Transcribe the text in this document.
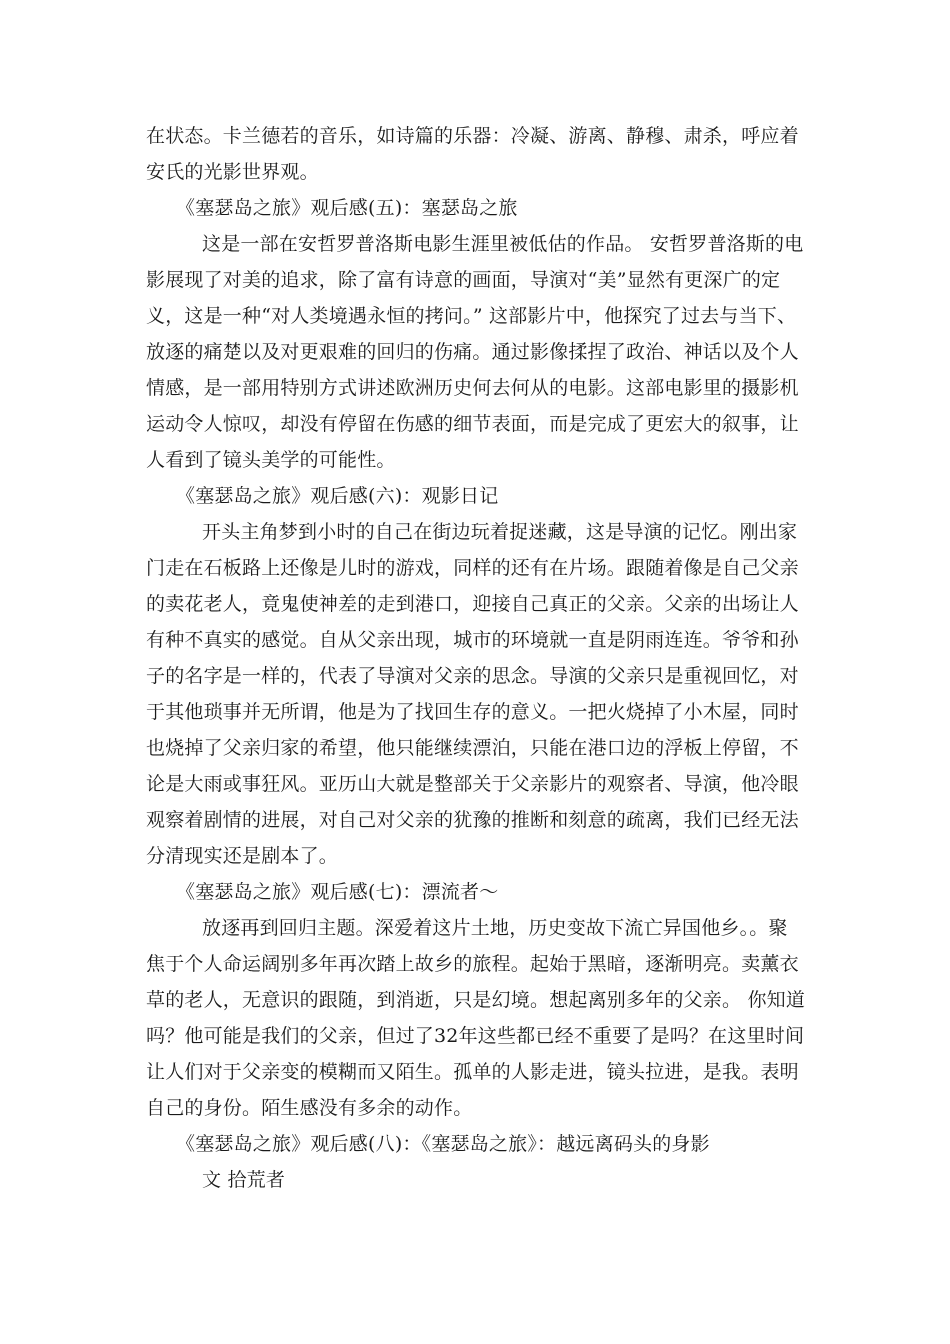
在状态。卡兰德若的音乐，如诗篇的乐器：冷凝、游离、静穆、肃杀，呼应着
安氏的光影世界观。
《塞瑟岛之旅》观后感(五)：塞瑟岛之旅
这是一部在安哲罗普洛斯电影生涯里被低估的作品。 安哲罗普洛斯的电
影展现了对美的追求，除了富有诗意的画面，导演对“美”显然有更深广的定
义，这是一种“对人类境遇永恒的拷问。” 这部影片中，他探究了过去与当下、
放逐的痛楚以及对更艰难的回归的伤痛。通过影像揉捏了政治、神话以及个人
情感，是一部用特别方式讲述欧洲历史何去何从的电影。这部电影里的摄影机
运动令人惊叹，却没有停留在伤感的细节表面，而是完成了更宏大的叙事，让
人看到了镜头美学的可能性。
《塞瑟岛之旅》观后感(六)：观影日记
开头主角梦到小时的自己在街边玩着捉迷藏，这是导演的记忆。刚出家
门走在石板路上还像是儿时的游戏，同样的还有在片场。跟随着像是自己父亲
的卖花老人，竟鬼使神差的走到港口，迎接自己真正的父亲。父亲的出场让人
有种不真实的感觉。自从父亲出现，城市的环境就一直是阴雨连连。爷爷和孙
子的名字是一样的，代表了导演对父亲的思念。导演的父亲只是重视回忆，对
于其他琐事并无所谓，他是为了找回生存的意义。一把火烧掉了小木屋，同时
也烧掉了父亲归家的希望，他只能继续漂泊，只能在港口边的浮板上停留，不
论是大雨或事狂风。亚历山大就是整部关于父亲影片的观察者、导演，他冷眼
观察着剧情的进展，对自己对父亲的犹豫的推断和刻意的疏离，我们已经无法
分清现实还是剧本了。
《塞瑟岛之旅》观后感(七)：漂流者～
放逐再到回归主题。深爱着这片土地，历史变故下流亡异国他乡。。聚
焦于个人命运阔别多年再次踏上故乡的旅程。起始于黑暗，逐渐明亮。卖薰衣
草的老人，无意识的跟随，到消逝，只是幻境。想起离别多年的父亲。 你知道
吗？他可能是我们的父亲，但过了32年这些都已经不重要了是吗？在这里时间
让人们对于父亲变的模糊而又陌生。孤单的人影走进，镜头拉进，是我。表明
自己的身份。陌生感没有多余的动作。
《塞瑟岛之旅》观后感(八)：《塞瑟岛之旅》：越远离码头的身影
文 拾荒者
